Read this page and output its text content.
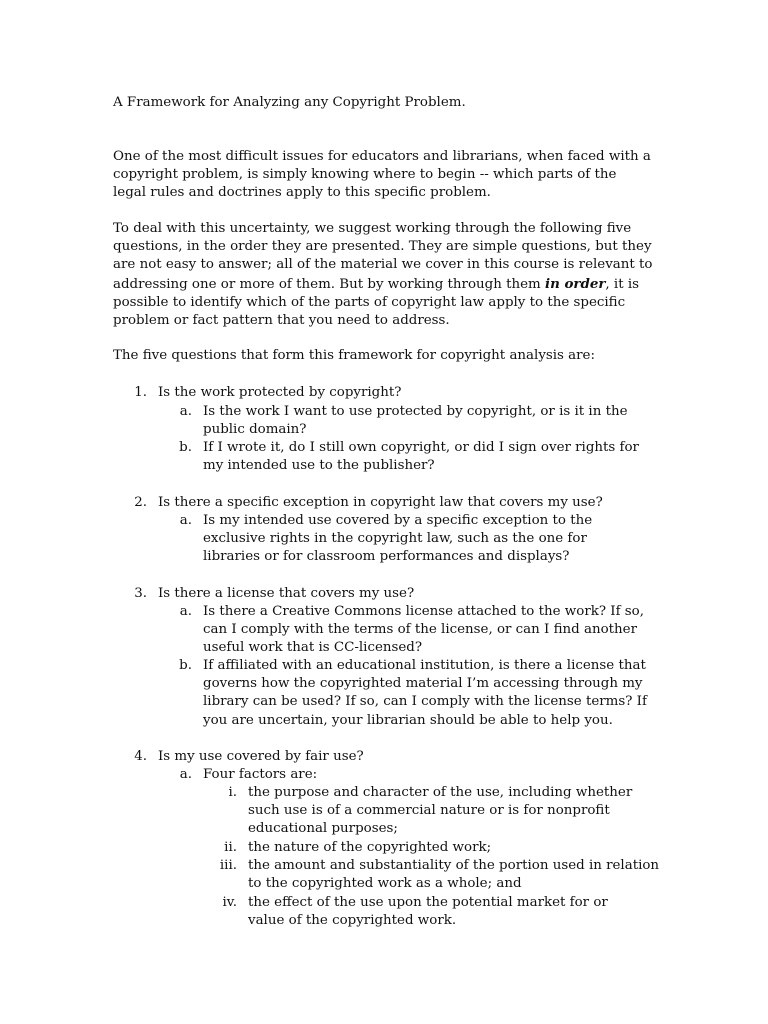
A Framework for Analyzing any Copyright Problem.
One of the most difficult issues for educators and librarians, when faced with a copyright problem, is simply knowing where to begin -- which parts of the legal rules and doctrines apply to this specific problem.
To deal with this uncertainty, we suggest working through the following five questions, in the order they are presented. They are simple questions, but they are not easy to answer; all of the material we cover in this course is relevant to addressing one or more of them. But by working through them in order, it is possible to identify which of the parts of copyright law apply to the specific problem or fact pattern that you need to address.
The five questions that form this framework for copyright analysis are:
1. Is the work protected by copyright?
a. Is the work I want to use protected by copyright, or is it in the public domain?
b. If I wrote it, do I still own copyright, or did I sign over rights for my intended use to the publisher?
2. Is there a specific exception in copyright law that covers my use?
a. Is my intended use covered by a specific exception to the exclusive rights in the copyright law, such as the one for libraries or for classroom performances and displays?
3. Is there a license that covers my use?
a. Is there a Creative Commons license attached to the work? If so, can I comply with the terms of the license, or can I find another useful work that is CC-licensed?
b. If affiliated with an educational institution, is there a license that governs how the copyrighted material I’m accessing through my library can be used? If so, can I comply with the license terms? If you are uncertain, your librarian should be able to help you.
4. Is my use covered by fair use?
a. Four factors are:
i. the purpose and character of the use, including whether such use is of a commercial nature or is for nonprofit educational purposes;
ii. the nature of the copyrighted work;
iii. the amount and substantiality of the portion used in relation to the copyrighted work as a whole; and
iv. the effect of the use upon the potential market for or value of the copyrighted work.
